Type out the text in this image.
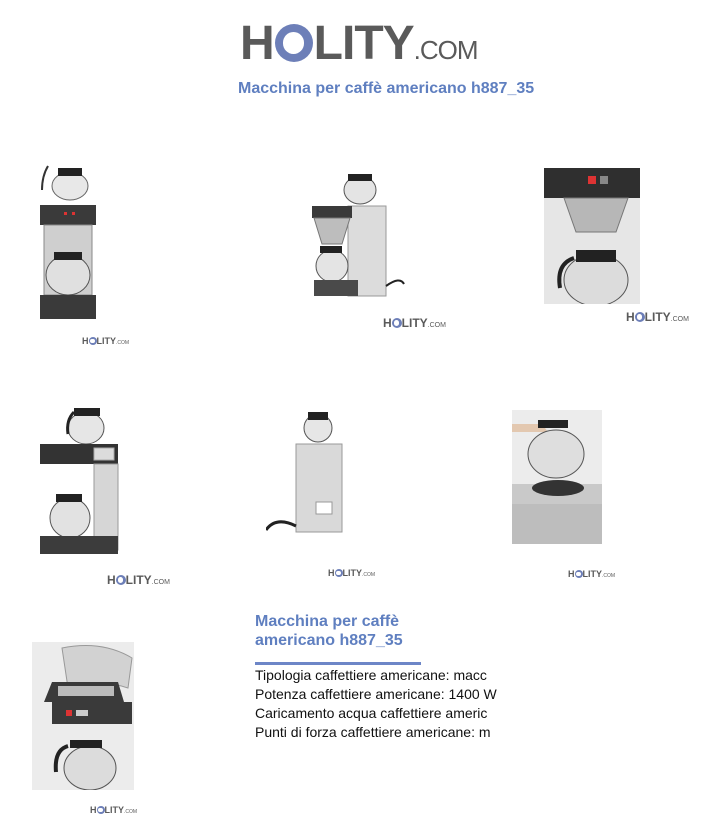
H LITY .COM
Macchina per caffè americano h887_35
H LITY .COM
H LITY .COM
H LITY .COM
H LITY .COM
H LITY .COM	H LITY .COM
H LITY .COM
Macchina per caffè americano h887_35
Tipologia caffettiere americane: macc
Potenza caffettiere americane: 1400 W
Caricamento acqua caffettiere americ
Punti di forza caffettiere americane: m
